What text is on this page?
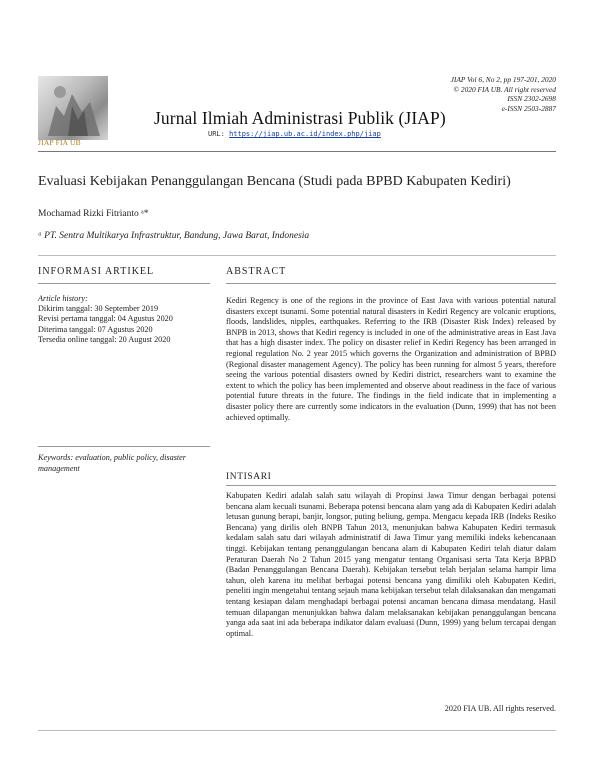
JIAP FIA UB
JIAP Vol 6, No 2, pp 197-201, 2020
© 2020 FIA UB. All right reserved
ISSN 2302-2698
e-ISSN 2503-2887
Jurnal Ilmiah Administrasi Publik (JIAP)
URL: https://jiap.ub.ac.id/index.php/jiap
Evaluasi Kebijakan Penanggulangan Bencana (Studi pada BPBD Kabupaten Kediri)
Mochamad Rizki Fitrianto ᵃ*
ᵃ PT. Sentra Multikarya Infrastruktur, Bandung, Jawa Barat, Indonesia
INFORMASI ARTIKEL	ABSTRACT
Article history:
Dikirim tanggal: 30 September 2019
Revisi pertama tanggal: 04 Agustus 2020
Diterima tanggal: 07 Agustus 2020
Tersedia online tanggal: 20 August 2020
Keywords: evaluation, public policy, disaster management
Kediri Regency is one of the regions in the province of East Java with various potential natural disasters except tsunami. Some potential natural disasters in Kediri Regency are volcanic eruptions, floods, landslides, nipples, earthquakes. Referring to the IRB (Disaster Risk Index) released by BNPB in 2013, shows that Kediri regency is included in one of the administrative areas in East Java that has a high disaster index. The policy on disaster relief in Kediri Regency has been arranged in regional regulation No. 2 year 2015 which governs the Organization and administration of BPBD (Regional disaster management Agency). The policy has been running for almost 5 years, therefore seeing the various potential disasters owned by Kediri district, researchers want to examine the extent to which the policy has been implemented and observe about readiness in the face of various potential future threats in the future. The findings in the field indicate that in implementing a disaster policy there are currently some indicators in the evaluation (Dunn, 1999) that has not been achieved optimally.
INTISARI
Kabupaten Kediri adalah salah satu wilayah di Propinsi Jawa Timur dengan berbagai potensi bencana alam kecuali tsunami. Beberapa potensi bencana alam yang ada di Kabupaten Kediri adalah letusan gunung berapi, banjir, longsor, puting beliung, gempa. Mengacu kepada IRB (Indeks Resiko Bencana) yang dirilis oleh BNPB Tahun 2013, menunjukan bahwa Kabupaten Kediri termasuk kedalam salah satu dari wilayah administratif di Jawa Timur yang memiliki indeks kebencanaan tinggi. Kebijakan tentang penanggulangan bencana alam di Kabupaten Kediri telah diatur dalam Peraturan Daerah No 2 Tahun 2015 yang mengatur tentang Organisasi serta Tata Kerja BPBD (Badan Penanggulangan Bencana Daerah). Kebijakan tersebut telah berjalan selama hampir lima tahun, oleh karena itu melihat berbagai potensi bencana yang dimiliki oleh Kabupaten Kediri, peneliti ingin mengetahui tentang sejauh mana kebijakan tersebut telah dilaksanakan dan mengamati tentang kesiapan dalam menghadapi berbagai potensi ancaman bencana dimasa mendatang. Hasil temuan dilapangan menunjukkan bahwa dalam melaksanakan kebijakan penanggulangan bencana yanga ada saat ini ada beberapa indikator dalam evaluasi (Dunn, 1999) yang belum tercapai dengan optimal.
2020 FIA UB. All rights reserved.
